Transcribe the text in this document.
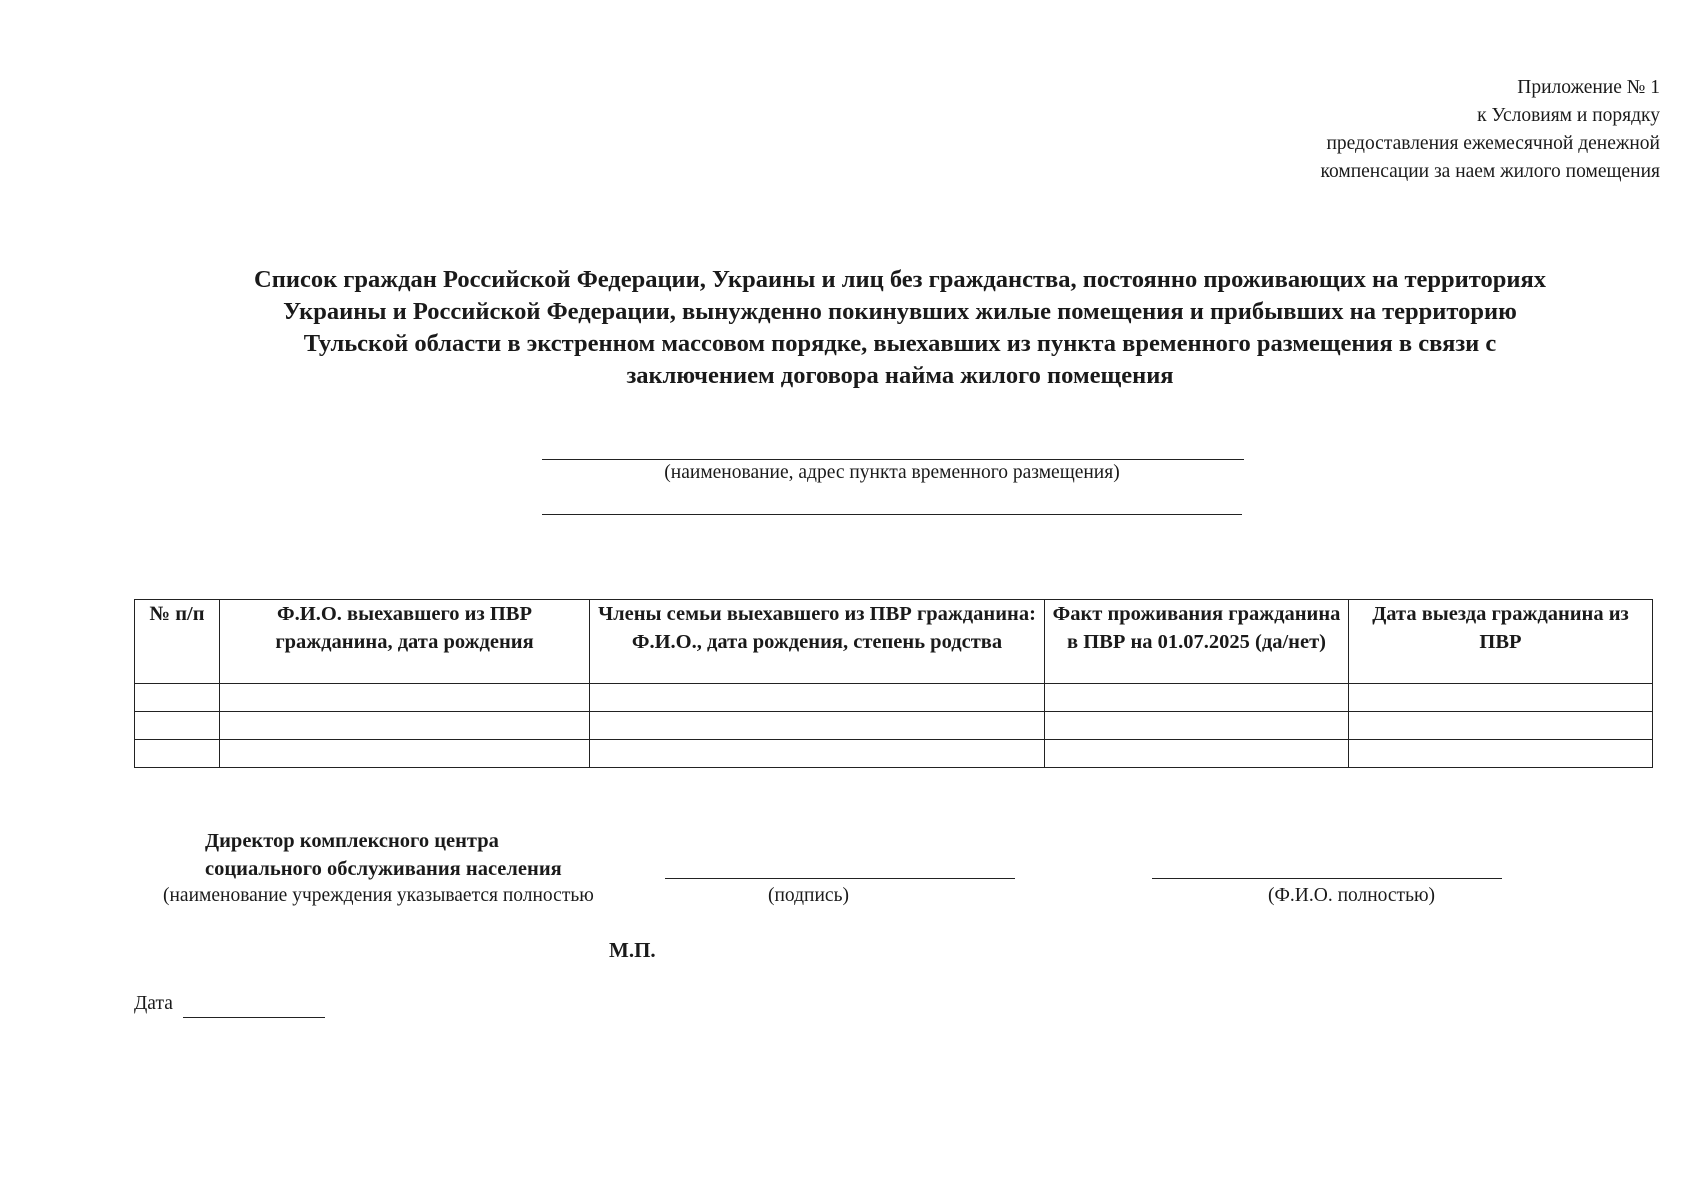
Приложение № 1
к Условиям и порядку
предоставления ежемесячной денежной
компенсации за наем жилого помещения
Список граждан Российской Федерации, Украины и лиц без гражданства, постоянно проживающих на территориях
Украины и Российской Федерации, вынужденно покинувших жилые помещения и прибывших на территорию
Тульской области в экстренном массовом порядке, выехавших из пункта временного размещения в связи с
заключением договора найма жилого помещения
(наименование, адрес пункта временного размещения)
№ п/п	Ф.И.О. выехавшего из ПВР гражданина, дата рождения	Члены семьи выехавшего из ПВР гражданина: Ф.И.О., дата рождения, степень родства	Факт проживания гражданина в ПВР на 01.07.2025 (да/нет)	Дата выезда гражданина из ПВР

Директор комплексного центра
социального обслуживания населения
(наименование учреждения указывается полностью	(подпись)	(Ф.И.О. полностью)
М.П.
Дата
